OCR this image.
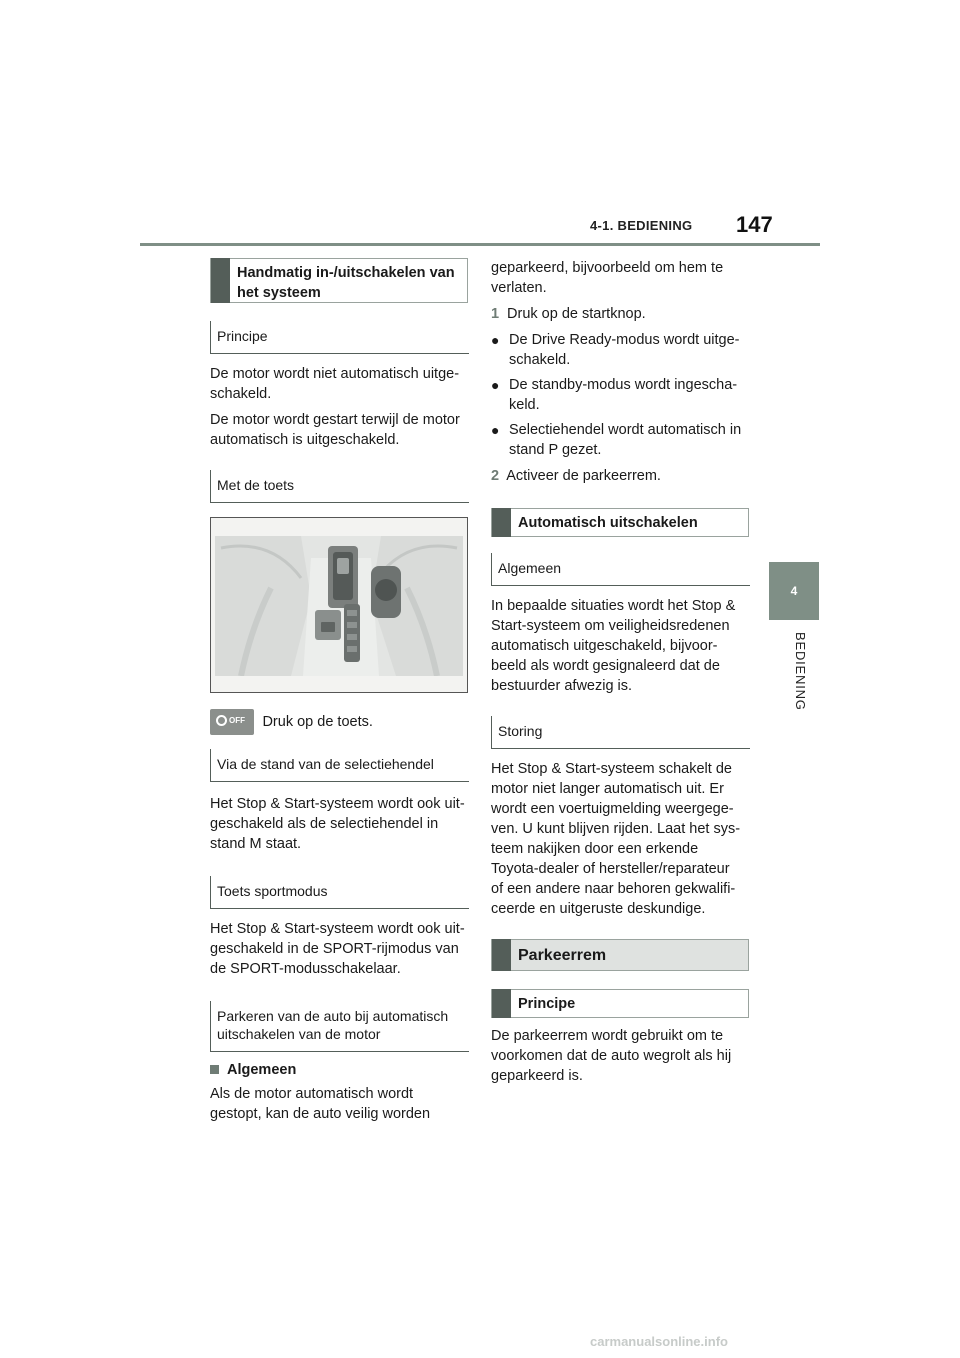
4-1. BEDIENING 147
4
BEDIENING
Handmatig in-/uitschakelen van het systeem
Principe

De motor wordt niet automatisch uitge-schakeld.

De motor wordt gestart terwijl de motor automatisch is uitgeschakeld.

Met de toets
OFF Druk op de toets.
Via de stand van de selectiehendel

Het Stop & Start-systeem wordt ook uit-geschakeld als de selectiehendel in stand M staat.

Toets sportmodus

Het Stop & Start-systeem wordt ook uit-geschakeld in de SPORT-rijmodus van de SPORT-modusschakelaar.

Parkeren van de auto bij automatisch uitschakelen van de motor
Algemeen

Als de motor automatisch wordt gestopt, kan de auto veilig worden

geparkeerd, bijvoorbeeld om hem te verlaten.

1 Druk op de startknop.
● De Drive Ready-modus wordt uitge-schakeld.
● De standby-modus wordt ingescha-keld.
● Selectiehendel wordt automatisch in stand P gezet.
2 Activeer de parkeerrem.
Automatisch uitschakelen
Algemeen

In bepaalde situaties wordt het Stop & Start-systeem om veiligheidsredenen automatisch uitgeschakeld, bijvoor-beeld als wordt gesignaleerd dat de bestuurder afwezig is.

Storing

Het Stop & Start-systeem schakelt de motor niet langer automatisch uit. Er wordt een voertuigmelding weergege-ven. U kunt blijven rijden. Laat het sys-teem nakijken door een erkende Toyota-dealer of hersteller/reparateur of een andere naar behoren gekwalifi-ceerde en uitgeruste deskundige.

Parkeerrem
Principe

De parkeerrem wordt gebruikt om te voorkomen dat de auto wegrolt als hij geparkeerd is.

carmanualsonline.info
